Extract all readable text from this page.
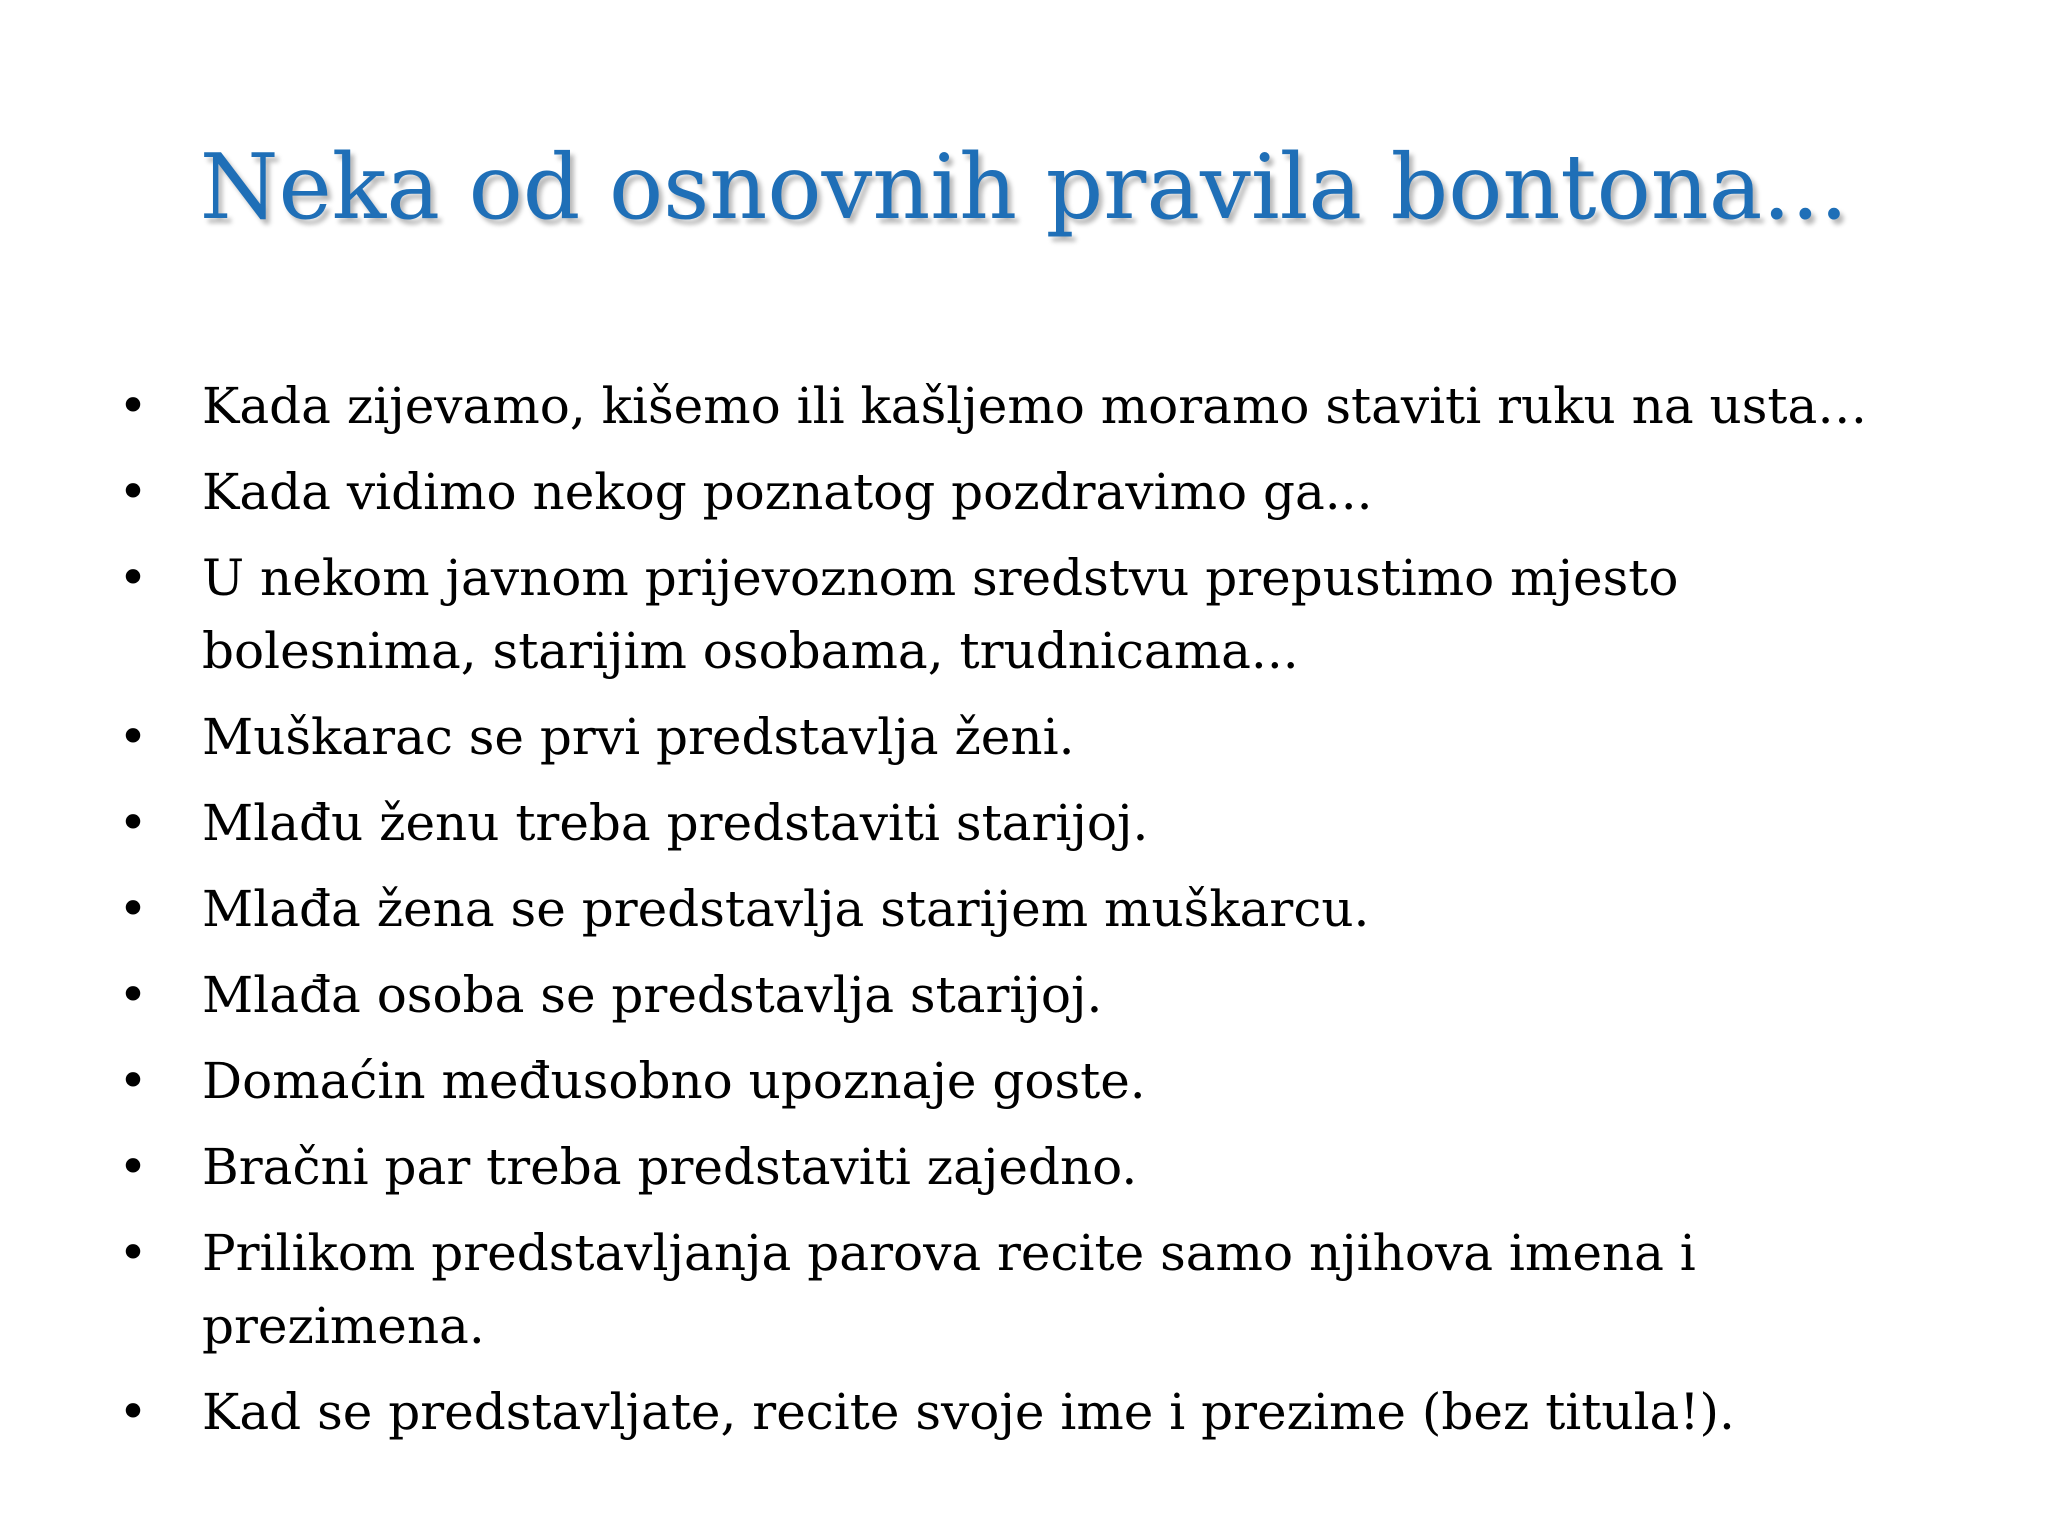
Neka od osnovnih pravila bontona...
• Kada zijevamo, kišemo ili kašljemo moramo staviti ruku na usta…
• Kada vidimo nekog poznatog pozdravimo ga...
• U nekom javnom prijevoznom sredstvu prepustimo mjesto bolesnima, starijim osobama, trudnicama...
• Muškarac se prvi predstavlja ženi.
• Mlađu ženu treba predstaviti starijoj.
• Mlađa žena se predstavlja starijem muškarcu.
• Mlađa osoba se predstavlja starijoj.
• Domaćin međusobno upoznaje goste.
• Bračni par treba predstaviti zajedno.
• Prilikom predstavljanja parova recite samo njihova imena i prezimena.
• Kad se predstavljate, recite svoje ime i prezime (bez titula!).
